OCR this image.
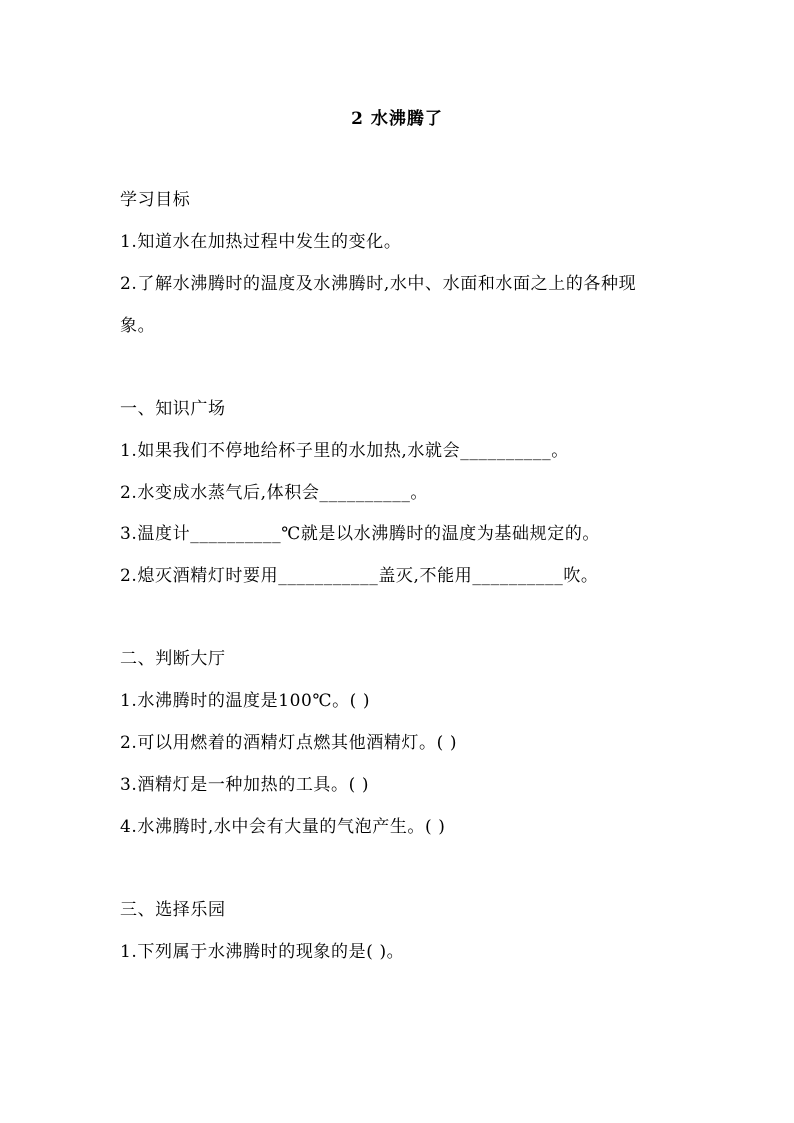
2 水沸腾了
学习目标
1.知道水在加热过程中发生的变化。
2.了解水沸腾时的温度及水沸腾时,水中、水面和水面之上的各种现
象。
一、知识广场
1.如果我们不停地给杯子里的水加热,水就会__________。
2.水变成水蒸气后,体积会__________。
3.温度计__________℃就是以水沸腾时的温度为基础规定的。
2.熄灭酒精灯时要用___________盖灭,不能用__________吹。
二、判断大厅
1.水沸腾时的温度是100℃。( )
2.可以用燃着的酒精灯点燃其他酒精灯。( )
3.酒精灯是一种加热的工具。( )
4.水沸腾时,水中会有大量的气泡产生。( )
三、选择乐园
1.下列属于水沸腾时的现象的是( )。
